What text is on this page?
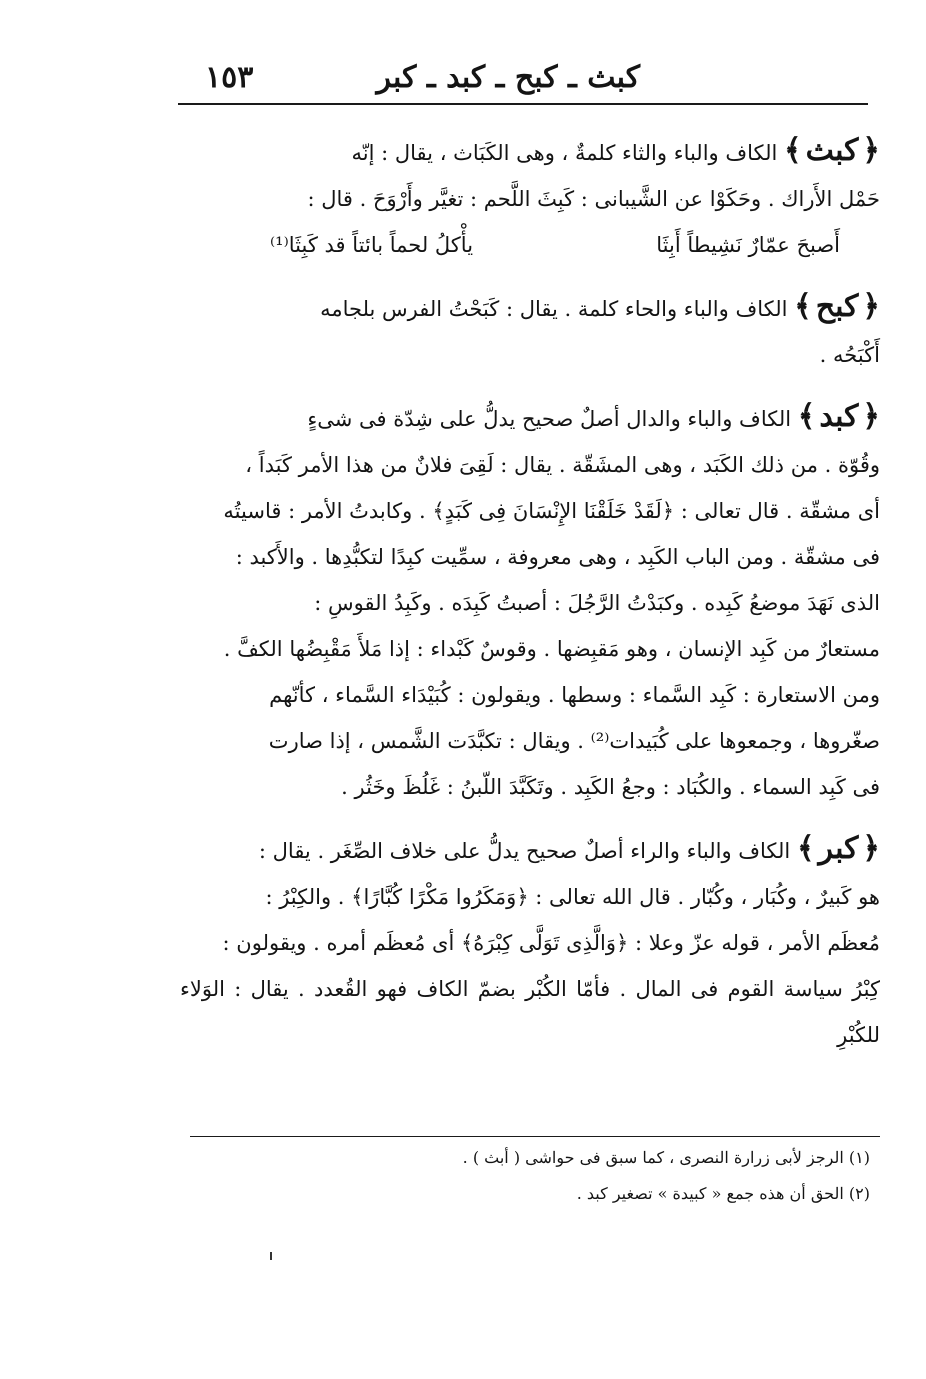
كبث ـ كبح ـ كبد ـ كبر
١٥٣

﴿كبث﴾ الكاف والباء والثاء كلمةٌ ، وهى الكَبَاث ، يقال : إنّه

حَمْل الأَراك . وحَكَوْا عن الشَّيبانى : كَبِثَ اللَّحم : تغيَّر وأَرْوَحَ . قال :

أَصبحَ عمّارٌ نَشِيطاً أَبِثَا
يأْكلُ لحماً بائتاً قد كَبِثَا⁽¹⁾

﴿كبح﴾ الكاف والباء والحاء كلمة . يقال : كَبَحْتُ الفرس بلجامه

أَكْبَحُه .

﴿كبد﴾ الكاف والباء والدال أصلٌ صحيح يدلُّ على شِدّة فى شىءٍ

وقُوّة . من ذلك الكَبَد ، وهى المشَقّة . يقال : لَقِىَ فلانٌ من هذا الأمر كَبَداً ،

أى مشقّة . قال تعالى : ﴿لَقَدْ خَلَقْنَا الإِنْسَانَ فِى كَبَدٍ﴾ . وكابدتُ الأمر : قاسيتُه

فى مشقّة . ومن الباب الكَبِد ، وهى معروفة ، سمِّيت كبِدًا لتكبُّدِها . والأَكبد :

الذى نَهَدَ موضعُ كَبِده . وكبَدْتُ الرَّجُلَ : أصبتُ كَبِدَه . وكَبِدُ القوسِ :

مستعارٌ من كَبِد الإنسان ، وهو مَقبِضها . وقوسٌ كَبْداء : إذا مَلأَ مَقْبِضُها الكفَّ .

ومن الاستعارة : كَبِد السَّماء : وسطها . ويقولون : كُبَيْدَاء السَّماء ، كأنّهم

صغّروها ، وجمعوها على كُبَيدات⁽²⁾ . ويقال : تكبَّدَت الشَّمس ، إذا صارت

فى كَبِد السماء . والكُبَاد : وجعُ الكَبِد . وتَكَبَّدَ اللّبنُ : غَلُظَ وخَثُر .

﴿كبر﴾ الكاف والباء والراء أصلٌ صحيح يدلُّ على خلاف الصِّغَر . يقال :

هو كَبيرٌ ، وكُبَار ، وكُبّار . قال الله تعالى : ﴿وَمَكَرُوا مَكْرًا كُبَّارًا﴾ . والكِبْرُ :

مُعظَم الأمر ، قوله عزّ وعلا : ﴿وَالَّذِى تَوَلَّى كِبْرَهُ﴾ أى مُعظَم أمره . ويقولون :

كِبْرُ سياسة القوم فى المال . فأمّا الكُبْر بضمّ الكاف فهو القُعدد . يقال : الوَلاء للكُبْرِ

(١) الرجز لأبى زرارة النصرى ، كما سبق فى حواشى ( أبث ) .

(٢) الحق أن هذه جمع « كبيدة » تصغير كبد .
